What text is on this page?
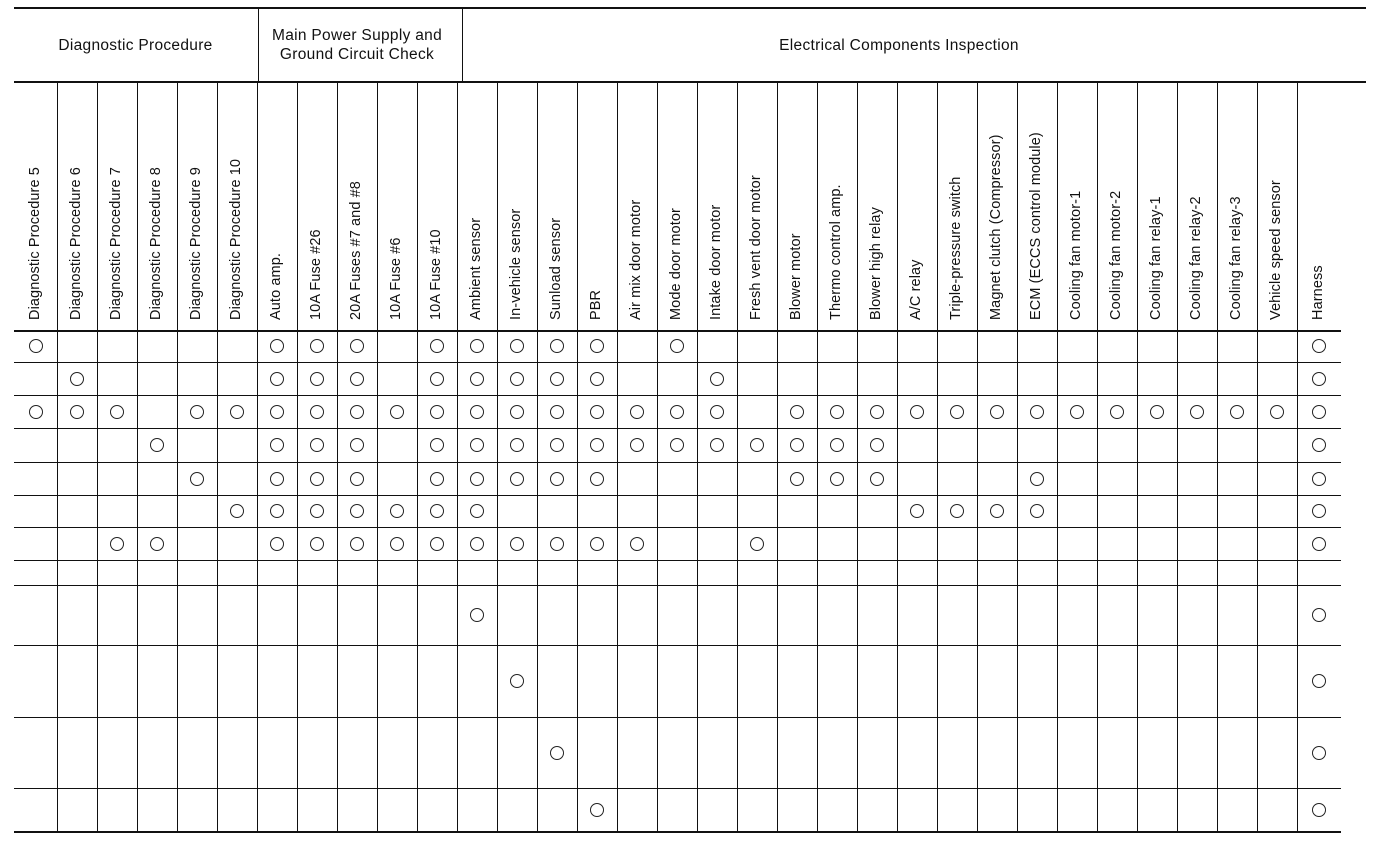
Diagnostic Procedure
Main Power Supply and Ground Circuit Check
Electrical Components Inspection
Diagnostic Procedure 5 Diagnostic Procedure 6 Diagnostic Procedure 7 Diagnostic Procedure 8 Diagnostic Procedure 9 Diagnostic Procedure 10 Auto amp. 10A Fuse #26 20A Fuses #7 and #8 10A Fuse #6 10A Fuse #10 Ambient sensor In-vehicle sensor Sunload sensor PBR Air mix door motor Mode door motor Intake door motor Fresh vent door motor Blower motor Thermo control amp. Blower high relay A/C relay Triple-pressure switch Magnet clutch (Compressor) ECM (ECCS control module) Cooling fan motor-1 Cooling fan motor-2 Cooling fan relay-1 Cooling fan relay-2 Cooling fan relay-3 Vehicle speed sensor Harness
